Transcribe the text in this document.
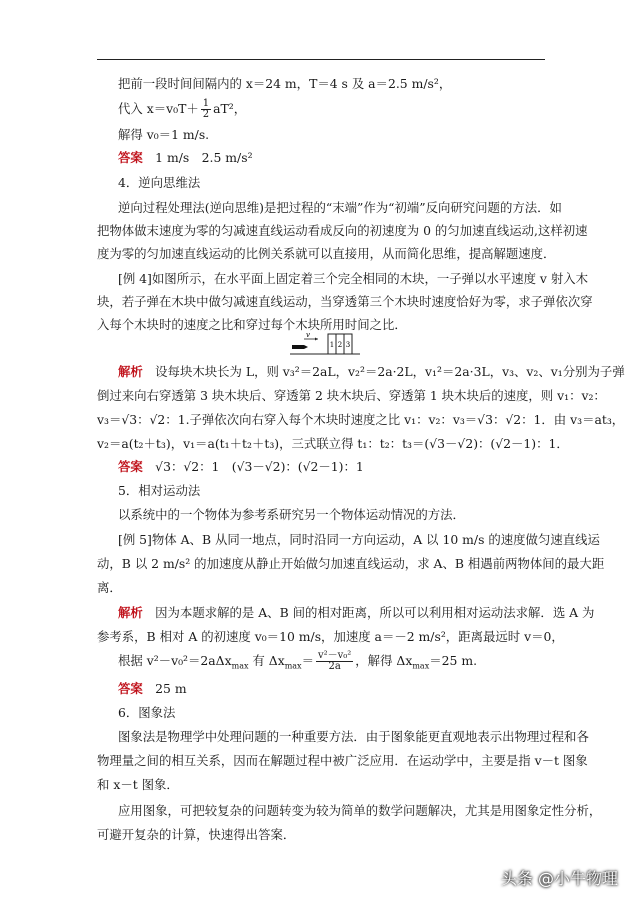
把前一段时间间隔内的 x＝24 m，T＝4 s 及 a＝2.5 m/s²，
代入 $x=v_0T+ \frac{1}{2} aT^2$，
解得 v₀＝1 m/s.
答案　 1 m/s　2.5 m/s²
4．逆向思维法
逆向过程处理法(逆向思维)是把过程的“末端”作为“初端”反向研究问题的方法．如
把物体做末速度为零的匀减速直线运动看成反向的初速度为 0 的匀加速直线运动,这样初速
度为零的匀加速直线运动的比例关系就可以直接用，从而简化思维，提高解题速度．
[例 4]如图所示，在水平面上固定着三个完全相同的木块，一子弹以水平速度 v 射入木
块，若子弹在木块中做匀减速直线运动，当穿透第三个木块时速度恰好为零，求子弹依次穿
入每个木块时的速度之比和穿过每个木块所用时间之比．
1 2 3
v
解析　 设每块木块长为 L，则 v₃²＝2aL，v₂²＝2a·2L，v₁²＝2a·3L，v₃、v₂、v₁分别为子弹
倒过来向右穿透第 3 块木块后、穿透第 2 块木块后、穿透第 1 块木块后的速度，则 v₁：v₂：
v₃＝√3：√2：1.子弹依次向右穿入每个木块时速度之比 v₁：v₂：v₃＝√3：√2：1．由 v₃＝at₃，
v₂＝a(t₂＋t₃)，v₁＝a(t₁＋t₂＋t₃)，三式联立得 t₁：t₂：t₃＝(√3－√2)：(√2－1)：1．
答案　 √3：√2：1　(√3－√2)：(√2－1)：1
5．相对运动法
以系统中的一个物体为参考系研究另一个物体运动情况的方法．
[例 5]物体 A、B 从同一地点，同时沿同一方向运动，A 以 10 m/s 的速度做匀速直线运
动，B 以 2 m/s² 的加速度从静止开始做匀加速直线运动，求 A、B 相遇前两物体间的最大距
离．
解析　 因为本题求解的是 A、B 间的相对距离，所以可以利用相对运动法求解．选 A 为
参考系，B 相对 A 的初速度 v₀＝10 m/s，加速度 a＝－2 m/s²，距离最远时 v＝0，
根据 v²－v₀²＝2aΔx$_{max}$ 有 $\Delta x_{max}= \frac{\text{v²－v₀²}}{2a}$ ，解得 $\Delta x_{max}=25$ m.
答案　 25 m
6．图象法
图象法是物理学中处理问题的一种重要方法．由于图象能更直观地表示出物理过程和各
物理量之间的相互关系，因而在解题过程中被广泛应用．在运动学中，主要是指 v－t 图象
和 x－t 图象．
应用图象，可把较复杂的问题转变为较为简单的数学问题解决，尤其是用图象定性分析，
可避开复杂的计算，快速得出答案．
头条 @小牛物理
